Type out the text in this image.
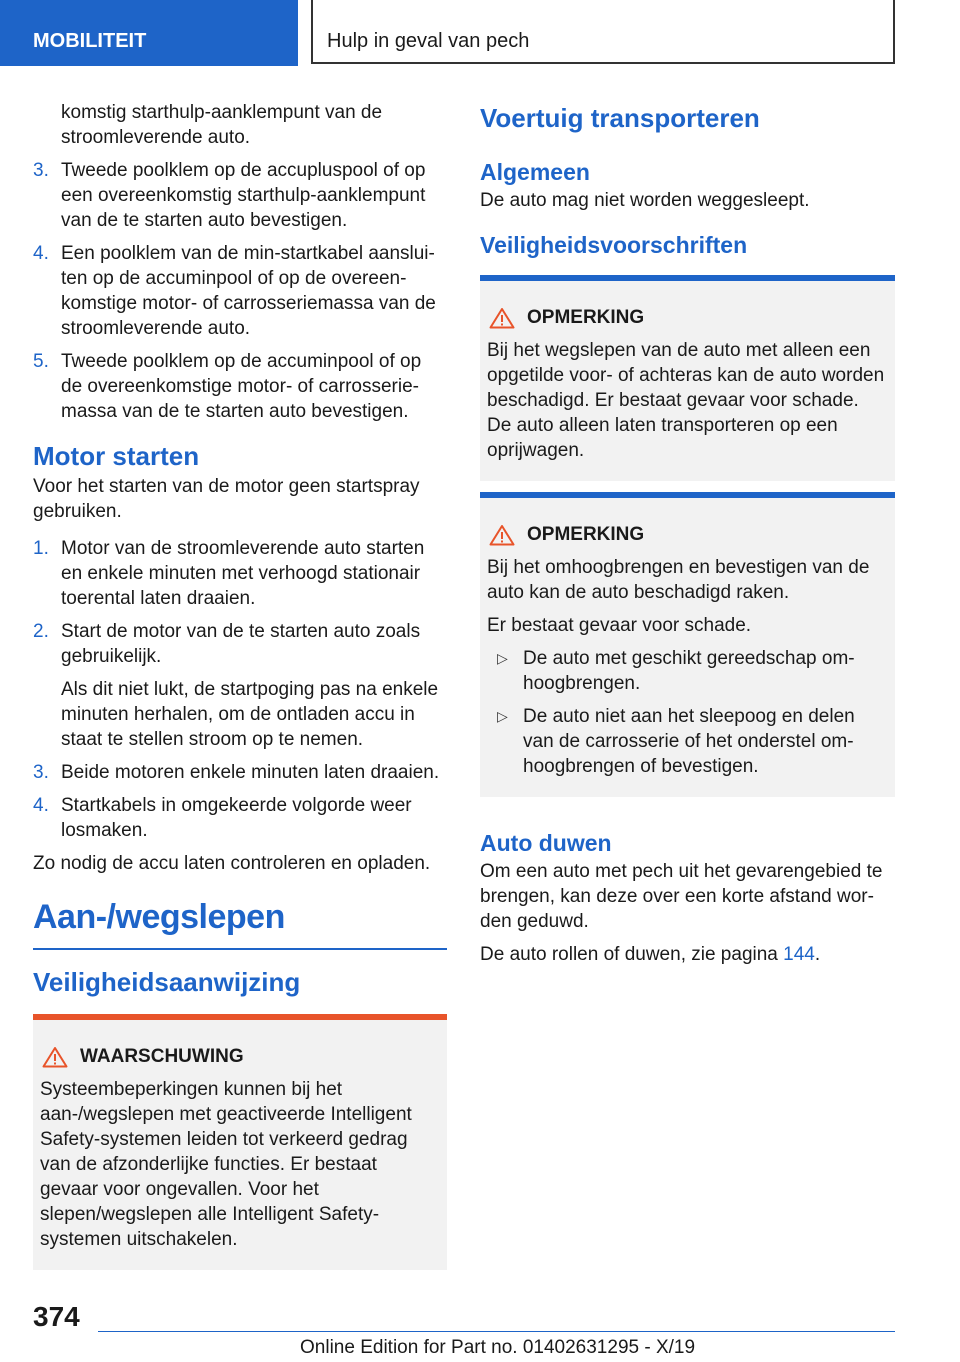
MOBILITEIT	Hulp in geval van pech

komstig starthulp-aanklempunt van de stroomleverende auto.

3. Tweede poolklem op de accupluspool of op een overeenkomstig starthulp-aanklempunt van de te starten auto bevestigen.
4. Een poolklem van de min-startkabel aansluiten op de accuminpool of op de overeenkomstige motor- of carrosseriemassa van de stroomleverende auto.
5. Tweede poolklem op de accuminpool of op de overeenkomstige motor- of carrosseriemassa van de te starten auto bevestigen.
Motor starten

Voor het starten van de motor geen startspray gebruiken.

1. Motor van de stroomleverende auto starten en enkele minuten met verhoogd stationair toerental laten draaien.
2. Start de motor van de te starten auto zoals gebruikelijk.

Als dit niet lukt, de startpoging pas na enkele minuten herhalen, om de ontladen accu in staat te stellen stroom op te nemen.

3. Beide motoren enkele minuten laten draaien.
4. Startkabels in omgekeerde volgorde weer losmaken.

Zo nodig de accu laten controleren en opladen.

Aan-/wegslepen
Veiligheidsaanwijzing
WAARSCHUWING

Systeembeperkingen kunnen bij het aan-/wegslepen met geactiveerde Intelligent Safety-systemen leiden tot verkeerd gedrag van de afzonderlijke functies. Er bestaat gevaar voor ongevallen. Voor het slepen/wegslepen alle Intelligent Safety-systemen uitschakelen.

Voertuig transporteren
Algemeen

De auto mag niet worden weggesleept.

Veiligheidsvoorschriften
OPMERKING

Bij het wegslepen van de auto met alleen een opgetilde voor- of achteras kan de auto worden beschadigd. Er bestaat gevaar voor schade. De auto alleen laten transporteren op een oprijwagen.

OPMERKING

Bij het omhoogbrengen en bevestigen van de auto kan de auto beschadigd raken.

Er bestaat gevaar voor schade.

▷ De auto met geschikt gereedschap omhoogbrengen.
▷ De auto niet aan het sleepoog en delen van de carrosserie of het onderstel omhoogbrengen of bevestigen.
Auto duwen

Om een auto met pech uit het gevarengebied te brengen, kan deze over een korte afstand worden geduwd.

De auto rollen of duwen, zie pagina 144.

374
Online Edition for Part no. 01402631295 - X/19
